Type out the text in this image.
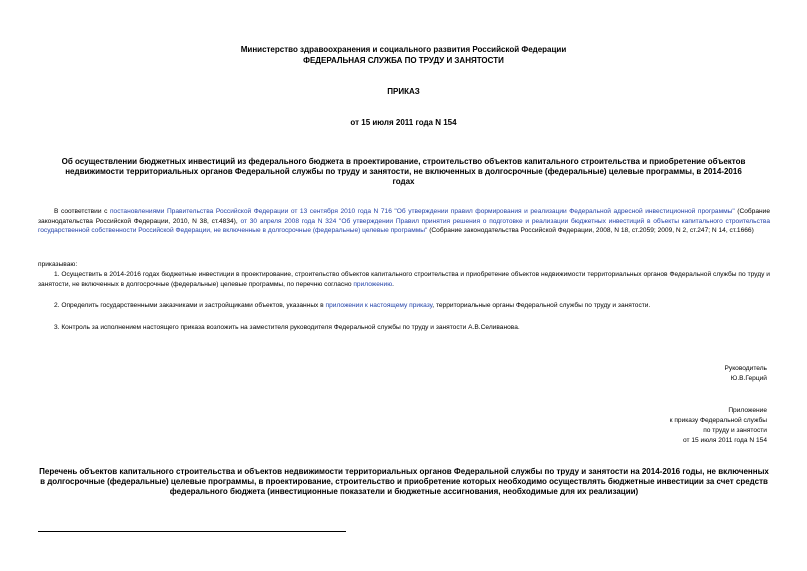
Министерство здравоохранения и социального развития Российской Федерации
ФЕДЕРАЛЬНАЯ СЛУЖБА ПО ТРУДУ И ЗАНЯТОСТИ
ПРИКАЗ
от 15 июля 2011 года N 154
Об осуществлении бюджетных инвестиций из федерального бюджета в проектирование, строительство объектов капитального строительства и приобретение объектов недвижимости территориальных органов Федеральной службы по труду и занятости, не включенных в долгосрочные (федеральные) целевые программы, в 2014-2016 годах
В соответствии с постановлениями Правительства Российской Федерации от 13 сентября 2010 года N 716 "Об утверждении правил формирования и реализации Федеральной адресной инвестиционной программы" (Собрание законодательства Российской Федерации, 2010, N 38, ст.4834), от 30 апреля 2008 года N 324 "Об утверждении Правил принятия решения о подготовке и реализации бюджетных инвестиций в объекты капитального строительства государственной собственности Российской Федерации, не включенные в долгосрочные (федеральные) целевые программы" (Собрание законодательства Российской Федерации, 2008, N 18, ст.2059; 2009, N 2, ст.247; N 14, ст.1666)
приказываю:
1. Осуществить в 2014-2016 годах бюджетные инвестиции в проектирование, строительство объектов капитального строительства и приобретение объектов недвижимости территориальных органов Федеральной службы по труду и занятости, не включенных в долгосрочные (федеральные) целевые программы, по перечню согласно приложению.
2. Определить государственными заказчиками и застройщиками объектов, указанных в приложении к настоящему приказу, территориальные органы Федеральной службы по труду и занятости.
3. Контроль за исполнением настоящего приказа возложить на заместителя руководителя Федеральной службы по труду и занятости А.В.Селиванова.
Руководитель
Ю.В.Герций
Приложение
к приказу Федеральной службы
по труду и занятости
от 15 июля 2011 года N 154
Перечень объектов капитального строительства и объектов недвижимости территориальных органов Федеральной службы по труду и занятости на 2014-2016 годы, не включенных в долгосрочные (федеральные) целевые программы, в проектирование, строительство и приобретение которых необходимо осуществлять бюджетные инвестиции за счет средств федерального бюджета (инвестиционные показатели и бюджетные ассигнования, необходимые для их реализации)
